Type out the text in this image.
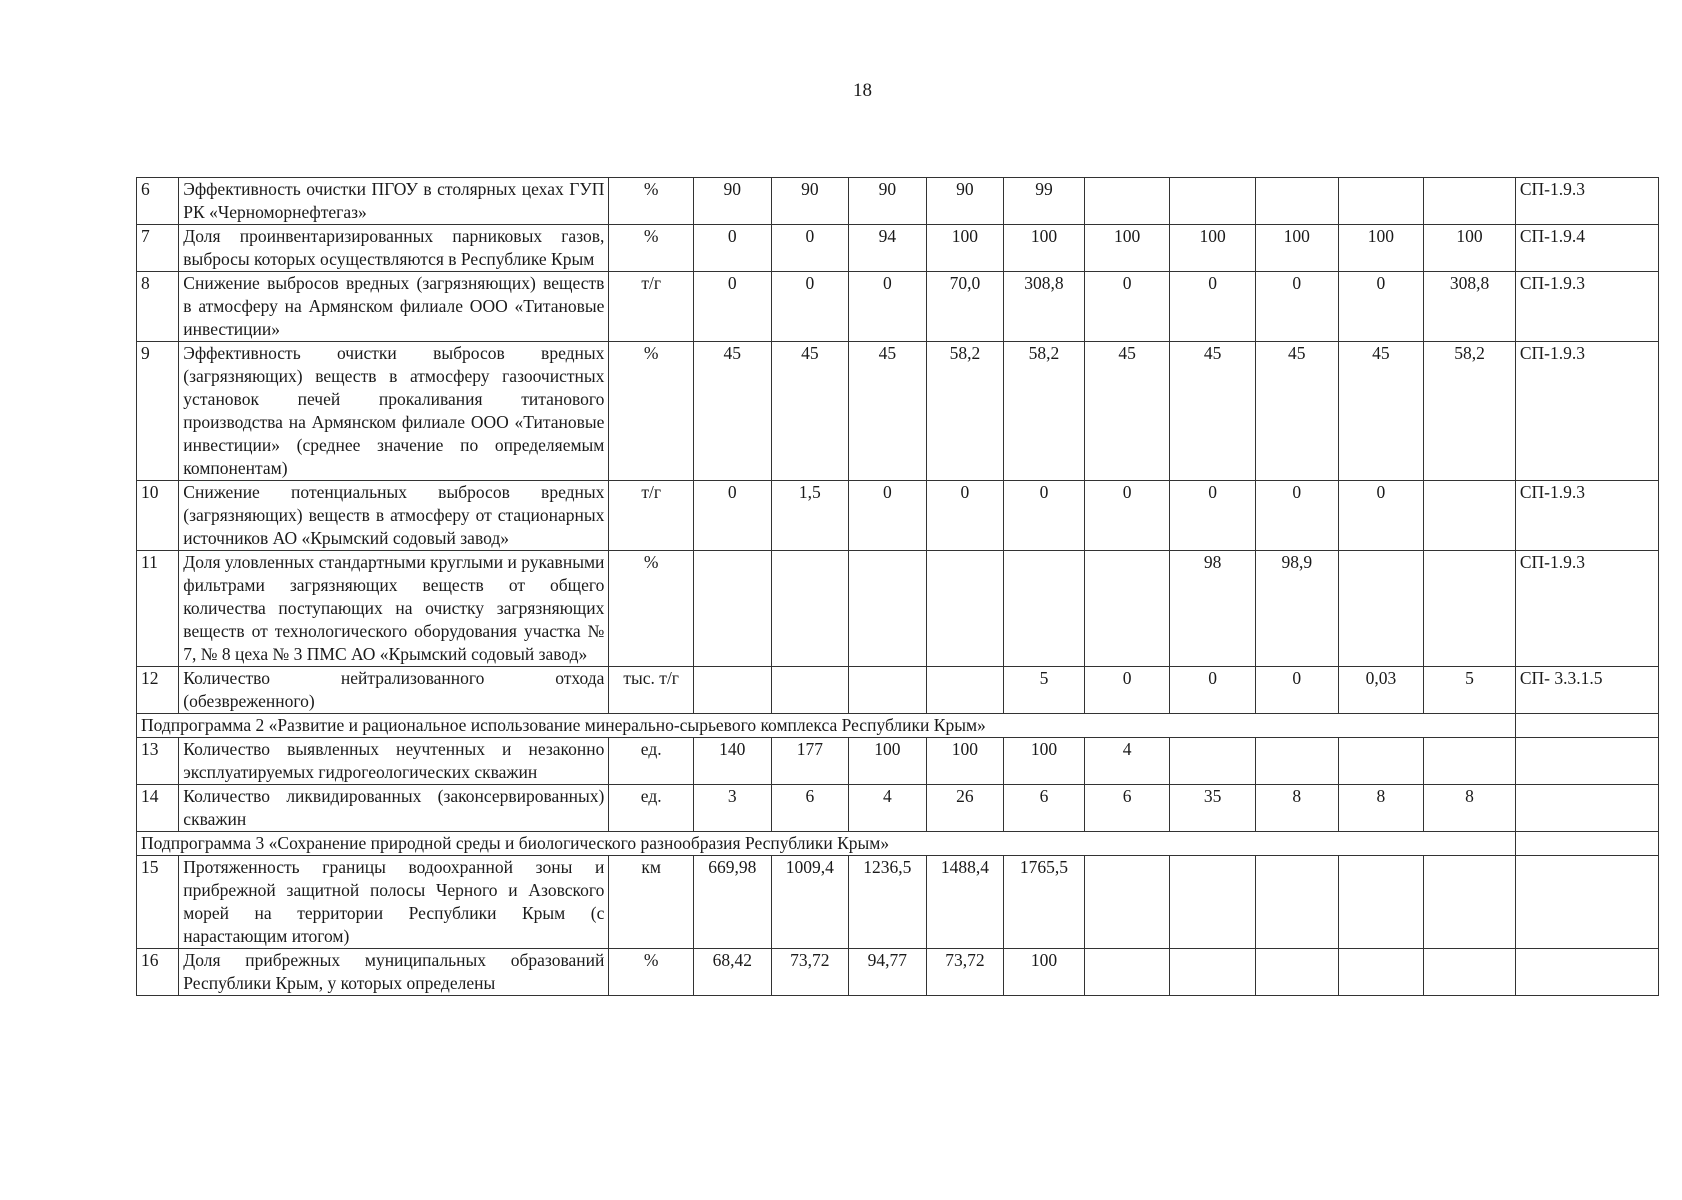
18
6	Эффективность очистки ПГОУ в столярных цехах ГУП РК «Черноморнефтегаз»	%	90	90	90	90	99						СП-1.9.3
7	Доля проинвентаризированных парниковых газов, выбросы которых осуществляются в Республике Крым	%	0	0	94	100	100	100	100	100	100	100	СП-1.9.4
8	Снижение выбросов вредных (загрязняющих) веществ в атмосферу на Армянском филиале ООО «Титановые инвестиции»	т/г	0	0	0	70,0	308,8	0	0	0	0	308,8	СП-1.9.3
9	Эффективность очистки выбросов вредных (загрязняющих) веществ в атмосферу газоочистных установок печей прокаливания титанового производства на Армянском филиале ООО «Титановые инвестиции» (среднее значение по определяемым компонентам)	%	45	45	45	58,2	58,2	45	45	45	45	58,2	СП-1.9.3
10	Снижение потенциальных выбросов вредных (загрязняющих) веществ в атмосферу от стационарных источников АО «Крымский содовый завод»	т/г	0	1,5	0	0	0	0	0	0	0		СП-1.9.3
11	Доля уловленных стандартными круглыми и рукавными фильтрами загрязняющих веществ от общего количества поступающих на очистку загрязняющих веществ от технологического оборудования участка № 7, № 8 цеха № 3 ПМС АО «Крымский содовый завод»	%							98	98,9			СП-1.9.3
12	Количество нейтрализованного отхода (обезвреженного)	тыс. т/г					5	0	0	0	0,03	5	СП- 3.3.1.5
Подпрограмма 2 «Развитие и рациональное использование минерально-сырьевого комплекса Республики Крым»													
13	Количество выявленных неучтенных и незаконно эксплуатируемых гидрогеологических скважин	ед.	140	177	100	100	100	4					
14	Количество ликвидированных (законсервированных) скважин	ед.	3	6	4	26	6	6	35	8	8	8	
Подпрограмма 3 «Сохранение природной среды и биологического разнообразия Республики Крым»													
15	Протяженность границы водоохранной зоны и прибрежной защитной полосы Черного и Азовского морей на территории Республики Крым (с нарастающим итогом)	км	669,98	1009,4	1236,5	1488,4	1765,5						
16	Доля прибрежных муниципальных образований Республики Крым, у которых определены	%	68,42	73,72	94,77	73,72	100						
